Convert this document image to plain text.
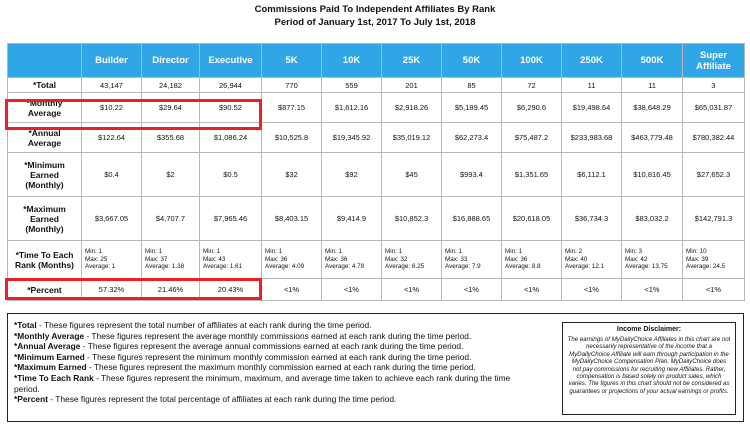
Commissions Paid To Independent Affiliates By Rank
Period of January 1st, 2017 To July 1st, 2018
	Builder	Director	Executive	5K	10K	25K	50K	100K	250K	500K	Super Affiliate
*Total	43,147	24,182	26,944	770	559	201	85	72	11	11	3
*Monthly Average	$10.22	$29.64	$90.52	$877.15	$1,612.16	$2,918.26	$5,189.45	$6,290.6	$19,498.64	$38,648.29	$65,031.87
*Annual Average	$122.64	$355.68	$1,086.24	$10,525.8	$19,345.92	$35,019.12	$62,273.4	$75,487.2	$233,983.68	$463,779.48	$780,382.44
*Minimum Earned (Monthly)	$0.4	$2	$0.5	$32	$92	$45	$993.4	$1,351.65	$6,112.1	$10,816.45	$27,652.3
*Maximum Earned (Monthly)	$3,667.05	$4,707.7	$7,965.46	$8,403.15	$9,414.9	$10,852.3	$16,888.65	$20,618.05	$36,734.3	$83,032.2	$142,791.3
*Time To Each Rank (Months)	Min: 1
Max: 25
Average: 1	Min: 1
Max: 37
Average: 1.38	Min: 1
Max: 43
Average: 1.61	Min: 1
Max: 36
Average: 4.09	Min: 1
Max: 36
Average: 4.78	Min: 1
Max: 32
Average: 6.25	Min: 1
Max: 33
Average: 7.9	Min: 1
Max: 36
Average: 8.8	Min: 2
Max: 40
Average: 12.1	Min: 3
Max: 42
Average: 13.75	Min: 10
Max: 39
Average: 24.5
*Percent	57.32%	21.46%	20.43%	<1%	<1%	<1%	<1%	<1%	<1%	<1%	<1%
*Total - These figures represent the total number of affiliates at each rank during the time period.
*Monthly Average - These figures represent the average monthly commissions earned at each rank during the time period.
*Annual Average - These figures represent the average annual commissions earned at each rank during the time period.
*Minimum Earned - These figures represent the minimum monthly commission earned at each rank during the time period.
*Maximum Earned - These figures represent the maximum monthly commission earned at each rank during the time period.
*Time To Each Rank - These figures represent the minimum, maximum, and average time taken to achieve each rank during the time period.
*Percent - These figures represent the total percentage of affiliates at each rank during the time period.
Income Disclaimer:
The earnings of MyDailyChoice Affiliates in this chart are not necessarily representative of the income that a MyDailyChoice Affiliate will earn through participation in the MyDailyChoice Compensation Plan. MyDailyChoice does not pay commissions for recruiting new Affiliates. Rather, compensation is based solely on product sales, which varies. The figures in this chart should not be considered as guarantees or projections of your actual earnings or profits.
